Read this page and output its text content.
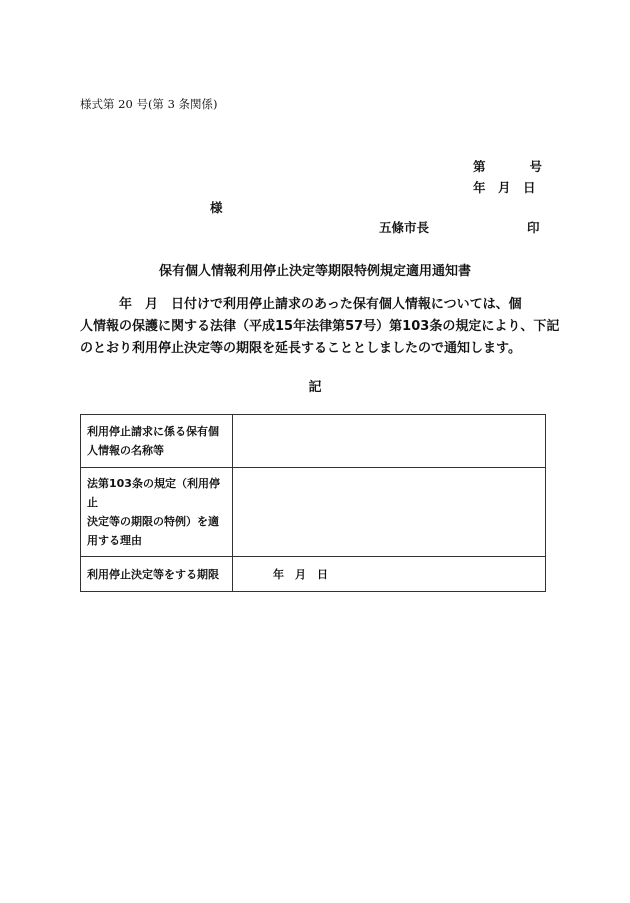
様式第 20 号(第 3 条関係)
第	号
年　月　日
様
五條市長	印
保有個人情報利用停止決定等期限特例規定適用通知書
　　　年　月　日付けで利用停止請求のあった保有個人情報については、個
人情報の保護に関する法律（平成15年法律第57号）第103条の規定により、下記
のとおり利用停止決定等の期限を延長することとしましたので通知します。
記
利用停止請求に係る保有個
人情報の名称等	

法第103条の規定（利用停止
決定等の期限の特例）を適
用する理由	

利用停止決定等をする期限	年　月　日
